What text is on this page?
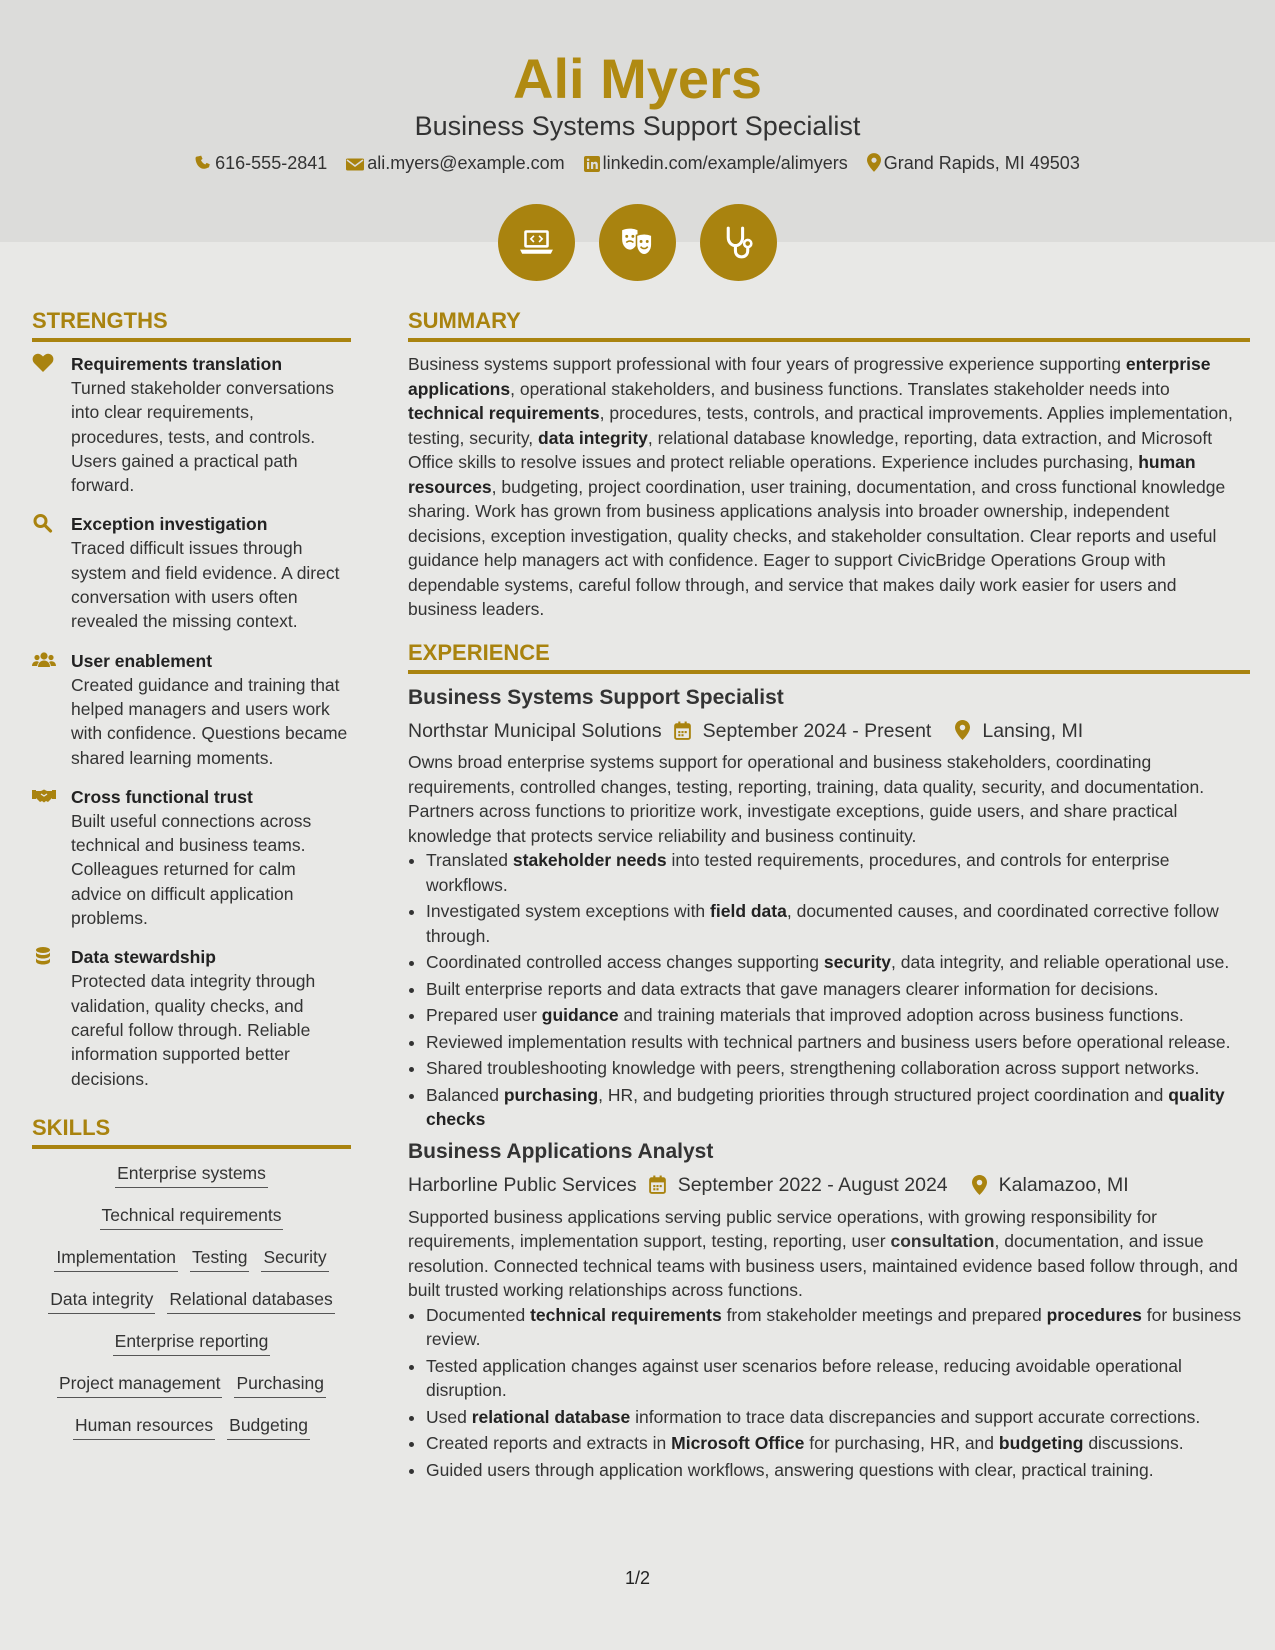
Ali Myers
Business Systems Support Specialist
616-555-2841 ali.myers@example.com linkedin.com/example/alimyers Grand Rapids, MI 49503

STRENGTHS
Requirements translation
Turned stakeholder conversations into clear requirements, procedures, tests, and controls. Users gained a practical path forward.
Exception investigation
Traced difficult issues through system and field evidence. A direct conversation with users often revealed the missing context.
User enablement
Created guidance and training that helped managers and users work with confidence. Questions became shared learning moments.
Cross functional trust
Built useful connections across technical and business teams. Colleagues returned for calm advice on difficult application problems.
Data stewardship
Protected data integrity through validation, quality checks, and careful follow through. Reliable information supported better decisions.
SKILLS
Enterprise systems
Technical requirements
Implementation Testing Security
Data integrity Relational databases
Enterprise reporting
Project management Purchasing
Human resources Budgeting
SUMMARY

Business systems support professional with four years of progressive experience supporting enterprise applications, operational stakeholders, and business functions. Translates stakeholder needs into technical requirements, procedures, tests, controls, and practical improvements. Applies implementation, testing, security, data integrity, relational database knowledge, reporting, data extraction, and Microsoft Office skills to resolve issues and protect reliable operations. Experience includes purchasing, human resources, budgeting, project coordination, user training, documentation, and cross functional knowledge sharing. Work has grown from business applications analysis into broader ownership, independent decisions, exception investigation, quality checks, and stakeholder consultation. Clear reports and useful guidance help managers act with confidence. Eager to support CivicBridge Operations Group with dependable systems, careful follow through, and service that makes daily work easier for users and business leaders.

EXPERIENCE
Business Systems Support Specialist
Northstar Municipal Solutions September 2024 - Present	Lansing, MI
Owns broad enterprise systems support for operational and business stakeholders, coordinating requirements, controlled changes, testing, reporting, training, data quality, security, and documentation. Partners across functions to prioritize work, investigate exceptions, guide users, and share practical knowledge that protects service reliability and business continuity.
• Translated stakeholder needs into tested requirements, procedures, and controls for enterprise workflows.
• Investigated system exceptions with field data, documented causes, and coordinated corrective follow through.
• Coordinated controlled access changes supporting security, data integrity, and reliable operational use.
• Built enterprise reports and data extracts that gave managers clearer information for decisions.
• Prepared user guidance and training materials that improved adoption across business functions.
• Reviewed implementation results with technical partners and business users before operational release.
• Shared troubleshooting knowledge with peers, strengthening collaboration across support networks.
• Balanced purchasing, HR, and budgeting priorities through structured project coordination and quality checks
Business Applications Analyst
Harborline Public Services September 2022 - August 2024	Kalamazoo, MI
Supported business applications serving public service operations, with growing responsibility for requirements, implementation support, testing, reporting, user consultation, documentation, and issue resolution. Connected technical teams with business users, maintained evidence based follow through, and built trusted working relationships across functions.
• Documented technical requirements from stakeholder meetings and prepared procedures for business review.
• Tested application changes against user scenarios before release, reducing avoidable operational disruption.
• Used relational database information to trace data discrepancies and support accurate corrections.
• Created reports and extracts in Microsoft Office for purchasing, HR, and budgeting discussions.
• Guided users through application workflows, answering questions with clear, practical training.
1/2
